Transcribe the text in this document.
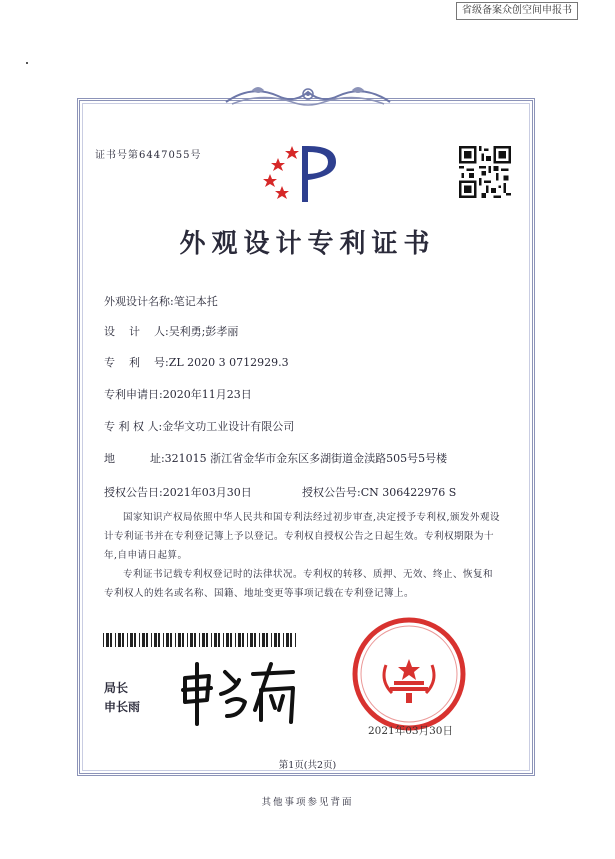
省级备案众创空间申报书
证书号第6447055号
外观设计专利证书
外观设计名称:笔记本托
设    计    人:吴利勇;彭孝丽
专    利    号:ZL 2020 3 0712929.3
专利申请日:2020年11月23日
专 利 权 人:金华文功工业设计有限公司
地          址:321015 浙江省金华市金东区多湖街道金渎路505号5号楼
授权公告日:2021年03月30日	授权公告号:CN 306422976 S
国家知识产权局依照中华人民共和国专利法经过初步审查,决定授予专利权,颁发外观设计专利证书并在专利登记簿上予以登记。专利权自授权公告之日起生效。专利权期限为十年,自申请日起算。
专利证书记载专利权登记时的法律状况。专利权的转移、质押、无效、终止、恢复和专利权人的姓名或名称、国籍、地址变更等事项记载在专利登记簿上。
局长
申长雨
2021年03月30日
第1页(共2页)
其他事项参见背面
